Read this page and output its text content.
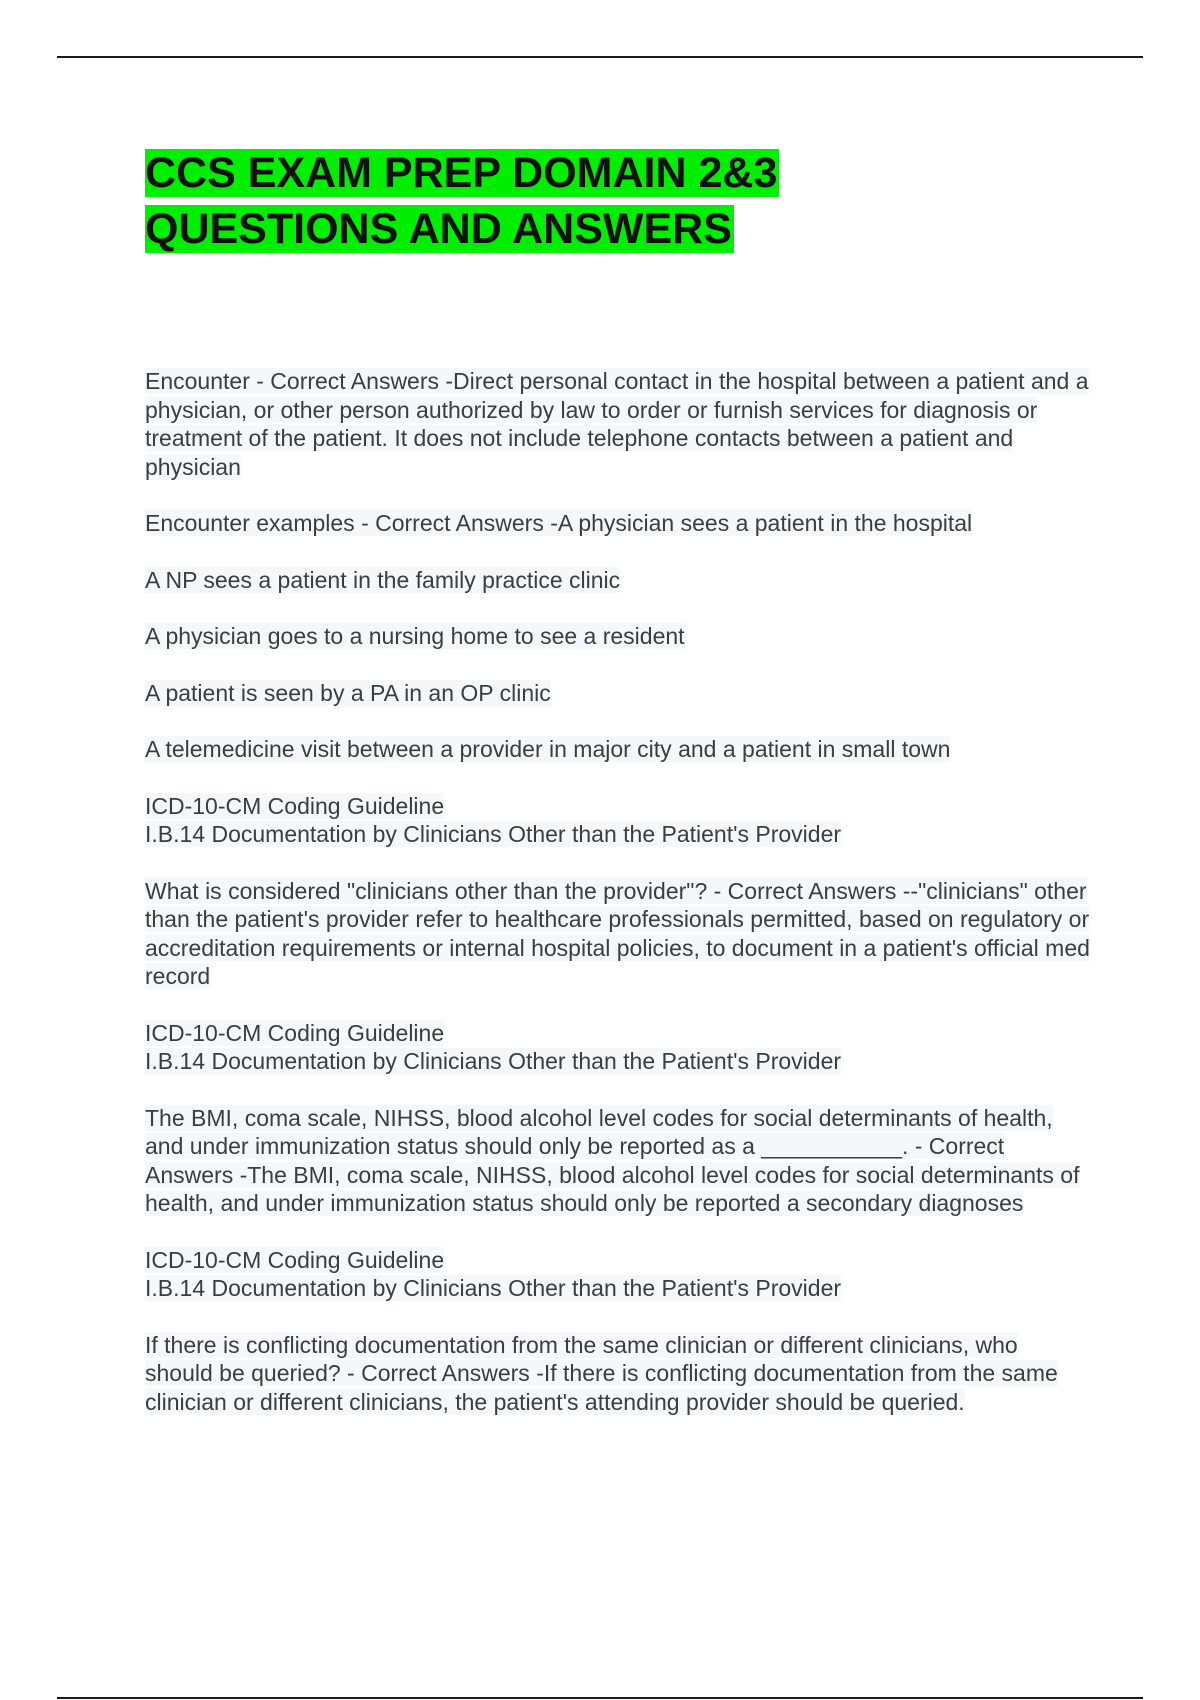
CCS EXAM PREP DOMAIN 2&3
QUESTIONS AND ANSWERS

Encounter - Correct Answers -Direct personal contact in the hospital between a patient and a physician, or other person authorized by law to order or furnish services for diagnosis or treatment of the patient. It does not include telephone contacts between a patient and physician

Encounter examples - Correct Answers -A physician sees a patient in the hospital

A NP sees a patient in the family practice clinic

A physician goes to a nursing home to see a resident

A patient is seen by a PA in an OP clinic

A telemedicine visit between a provider in major city and a patient in small town

ICD-10-CM Coding Guideline
I.B.14 Documentation by Clinicians Other than the Patient's Provider

What is considered "clinicians other than the provider"? - Correct Answers --"clinicians" other than the patient's provider refer to healthcare professionals permitted, based on regulatory or accreditation requirements or internal hospital policies, to document in a patient's official med record

ICD-10-CM Coding Guideline
I.B.14 Documentation by Clinicians Other than the Patient's Provider

The BMI, coma scale, NIHSS, blood alcohol level codes for social determinants of health, and under immunization status should only be reported as a ___________. - Correct Answers -The BMI, coma scale, NIHSS, blood alcohol level codes for social determinants of health, and under immunization status should only be reported a secondary diagnoses

ICD-10-CM Coding Guideline
I.B.14 Documentation by Clinicians Other than the Patient's Provider

If there is conflicting documentation from the same clinician or different clinicians, who should be queried? - Correct Answers -If there is conflicting documentation from the same clinician or different clinicians, the patient's attending provider should be queried.
